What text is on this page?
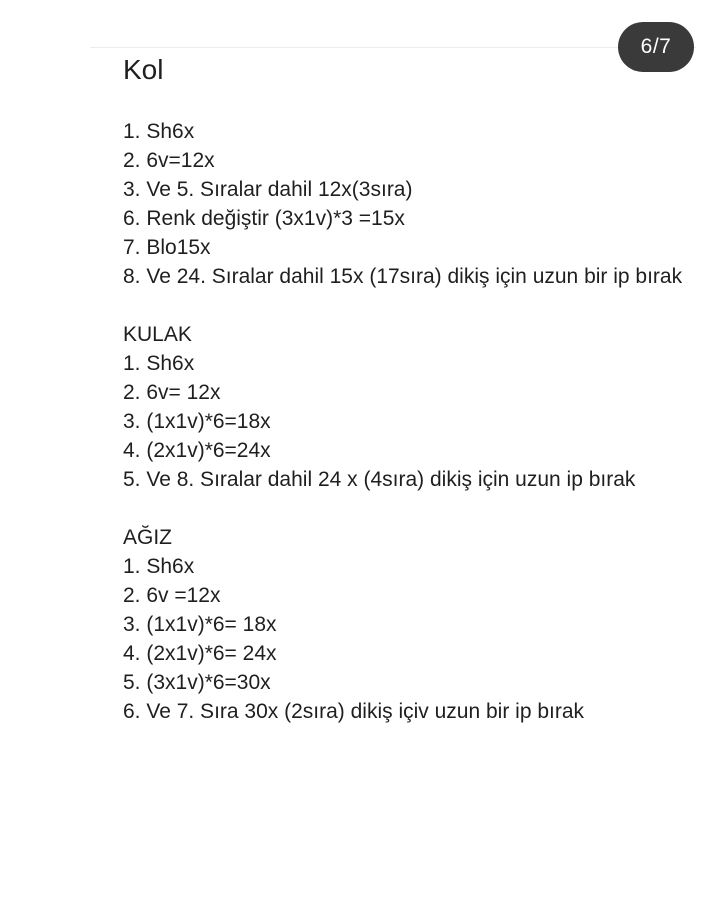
6/7
Kol

1. Sh6x

2. 6v=12x

3. Ve 5. Sıralar dahil 12x(3sıra)

6. Renk değiştir (3x1v)*3 =15x

7. Blo15x

8. Ve 24. Sıralar dahil 15x (17sıra) dikiş için uzun bir ip bırak

KULAK

1. Sh6x

2. 6v= 12x

3. (1x1v)*6=18x

4. (2x1v)*6=24x

5. Ve 8. Sıralar dahil 24 x (4sıra) dikiş için uzun ip bırak

AĞIZ

1. Sh6x

2. 6v =12x

3. (1x1v)*6= 18x

4. (2x1v)*6= 24x

5. (3x1v)*6=30x

6. Ve 7. Sıra 30x (2sıra) dikiş içiv uzun bir ip bırak
